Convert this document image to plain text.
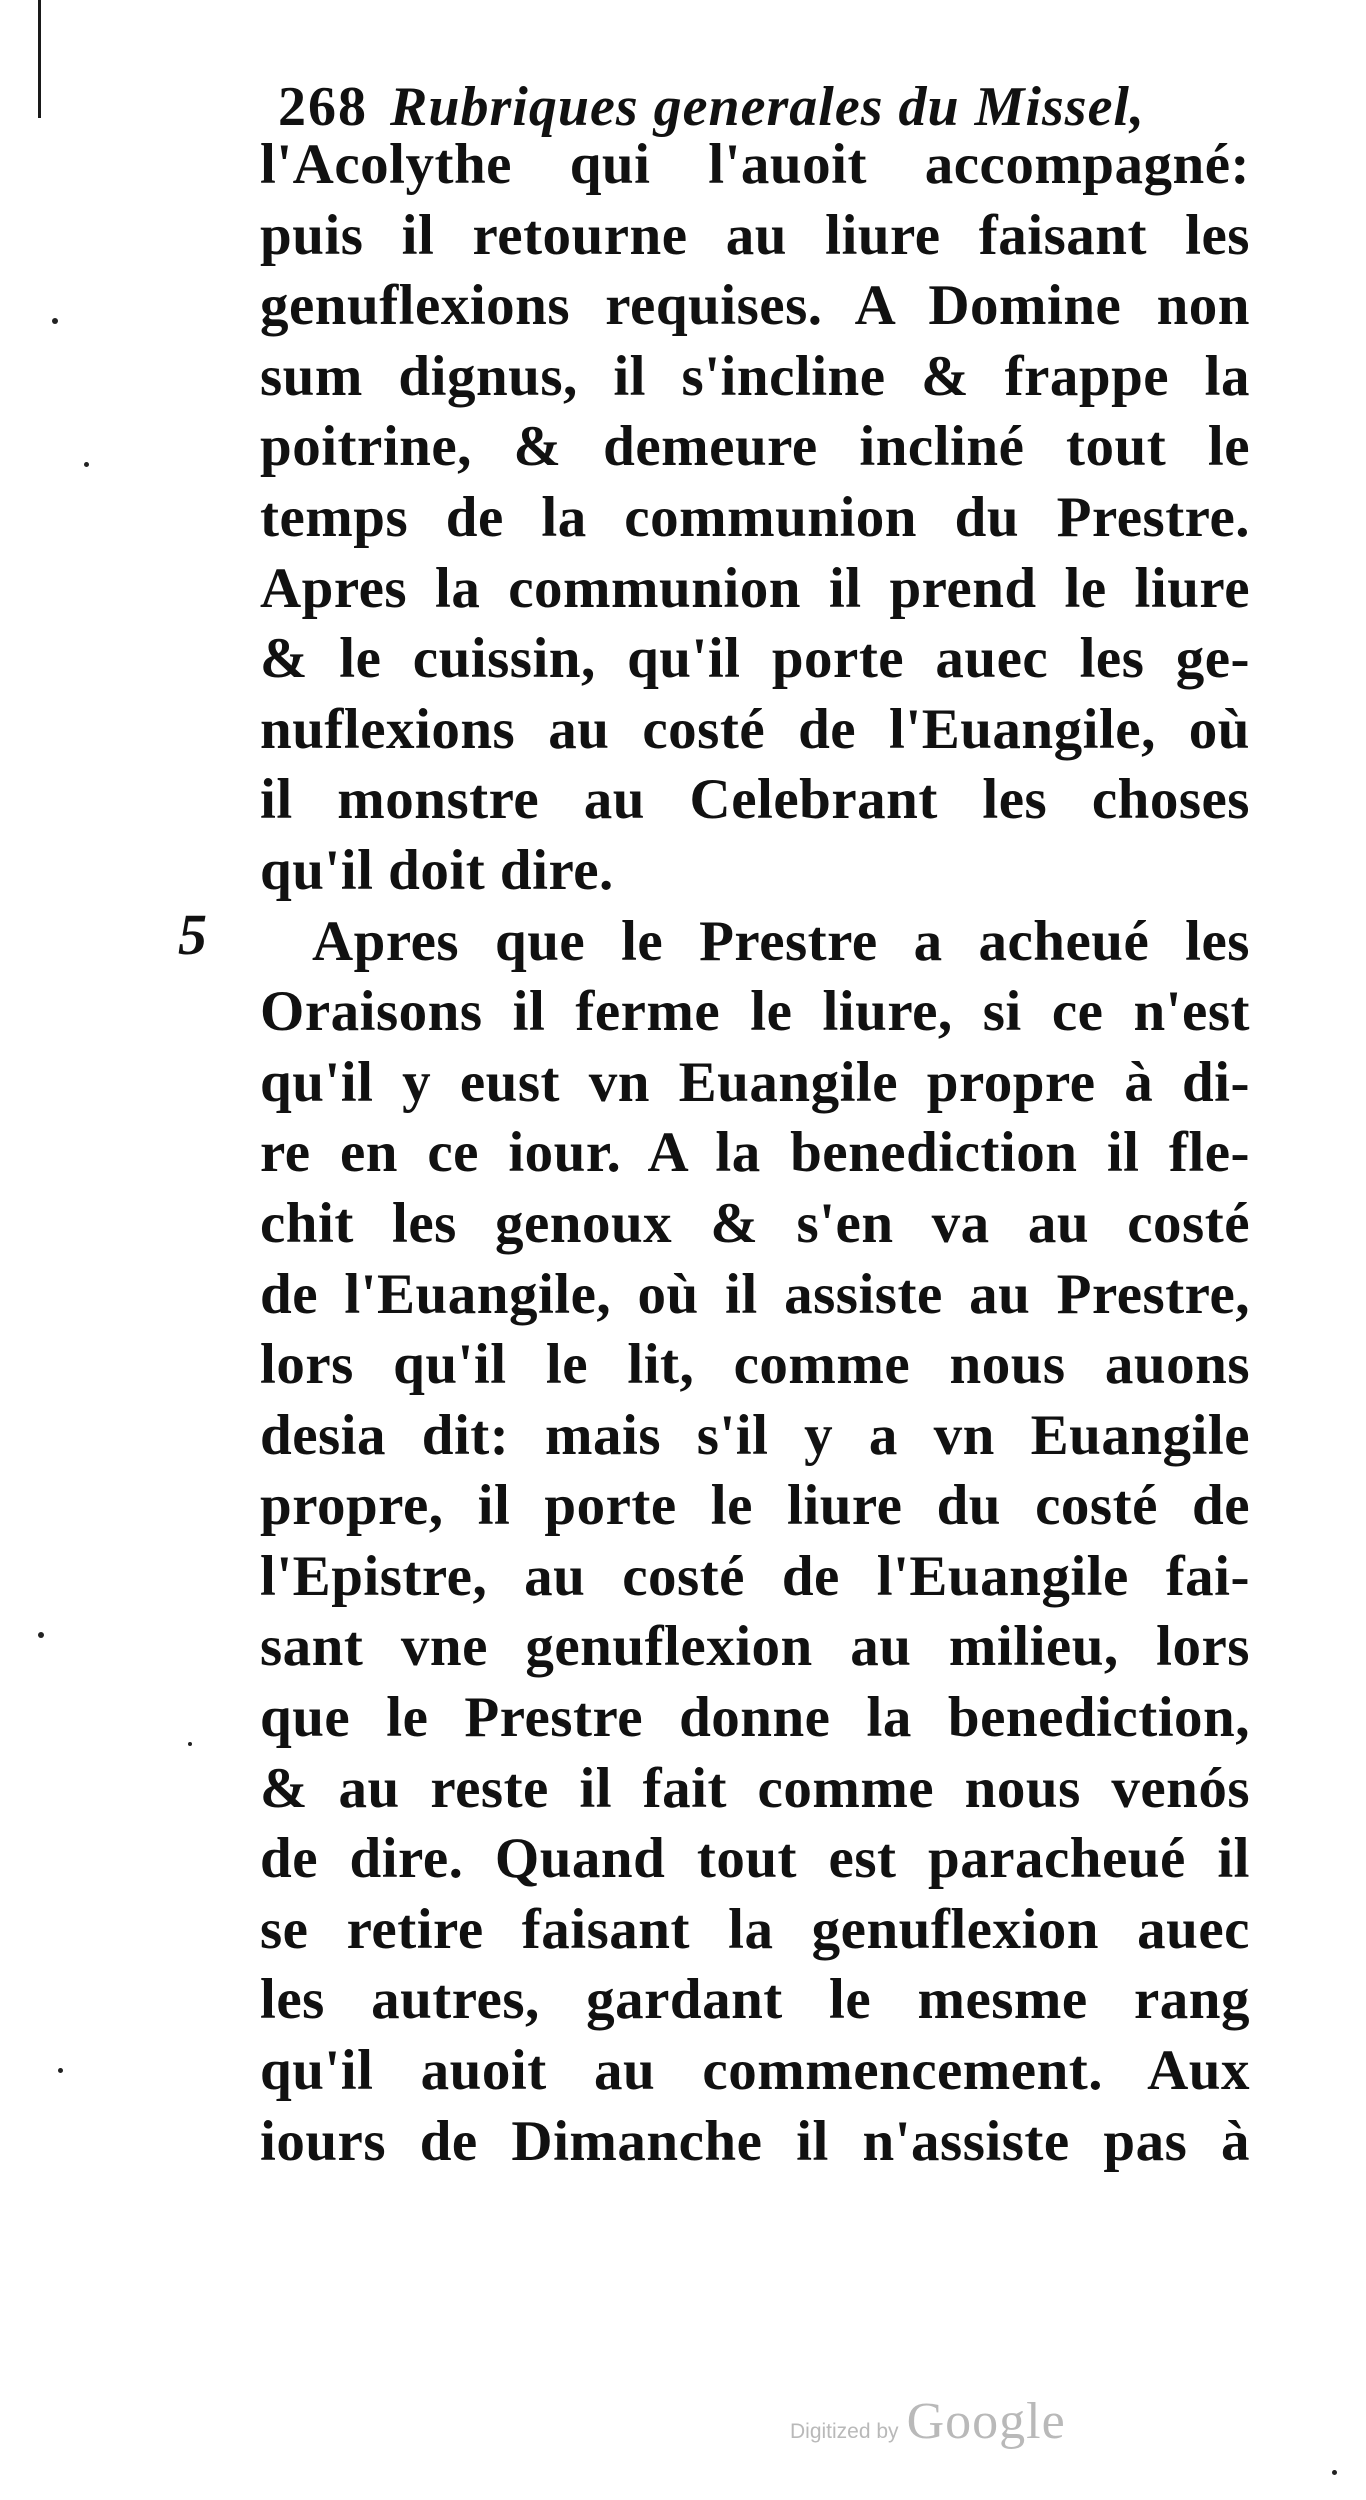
268 Rubriques generales du Missel,
5
l'Acolythe qui l'auoit accompagné:
puis il retourne au liure faisant les
genuflexions requises. A Domine non
sum dignus, il s'incline & frappe la
poitrine, & demeure incliné tout le
temps de la communion du Prestre.
Apres la communion il prend le liure
& le cuissin, qu'il porte auec les ge-
nuflexions au costé de l'Euangile, où
il monstre au Celebrant les choses
qu'il doit dire.
Apres que le Prestre a acheué les
Oraisons il ferme le liure, si ce n'est
qu'il y eust vn Euangile propre à di-
re en ce iour. A la benediction il fle-
chit les genoux & s'en va au costé
de l'Euangile, où il assiste au Prestre,
lors qu'il le lit, comme nous auons
desia dit: mais s'il y a vn Euangile
propre, il porte le liure du costé de
l'Epistre, au costé de l'Euangile fai-
sant vne genuflexion au milieu, lors
que le Prestre donne la benediction,
& au reste il fait comme nous venós
de dire. Quand tout est paracheué il
se retire faisant la genuflexion auec
les autres, gardant le mesme rang
qu'il auoit au commencement. Aux
iours de Dimanche il n'assiste pas à
Digitized by Google
